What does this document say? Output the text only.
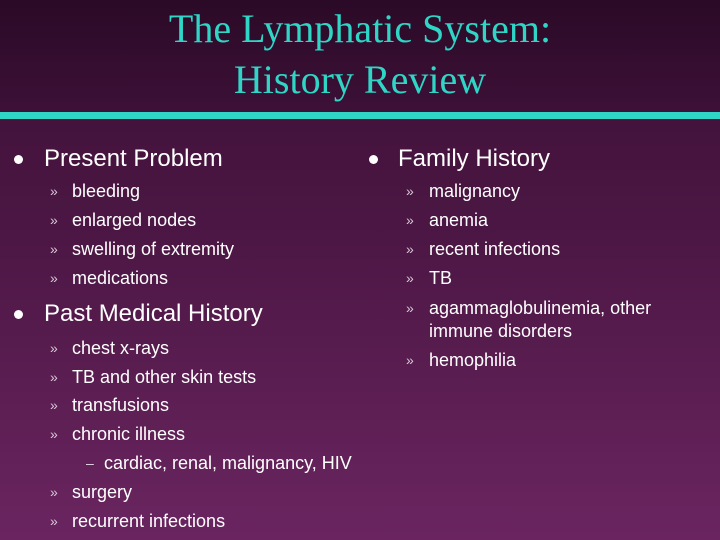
The Lymphatic System:
History Review
Present Problem
» bleeding
» enlarged nodes
» swelling of extremity
» medications
Past Medical History
» chest x-rays
» TB and other skin tests
» transfusions
» chronic illness
– cardiac, renal, malignancy, HIV
» surgery
» recurrent infections
Family History
» malignancy
» anemia
» recent infections
» TB
» agammaglobulinemia, other
immune disorders
» hemophilia
